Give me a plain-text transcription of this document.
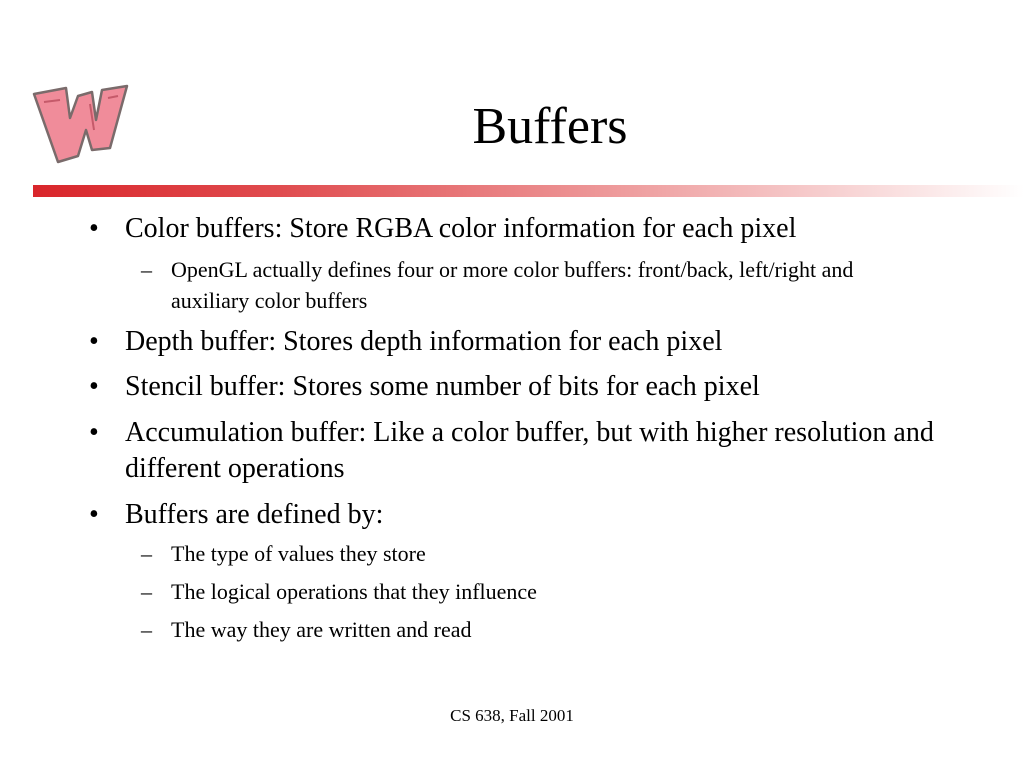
Buffers
• Color buffers: Store RGBA color information for each pixel
– OpenGL actually defines four or more color buffers: front/back, left/right and auxiliary color buffers
• Depth buffer: Stores depth information for each pixel
• Stencil buffer: Stores some number of bits for each pixel
• Accumulation buffer: Like a color buffer, but with higher resolution and different operations
• Buffers are defined by:
– The type of values they store
– The logical operations that they influence
– The way they are written and read
CS 638, Fall 2001
